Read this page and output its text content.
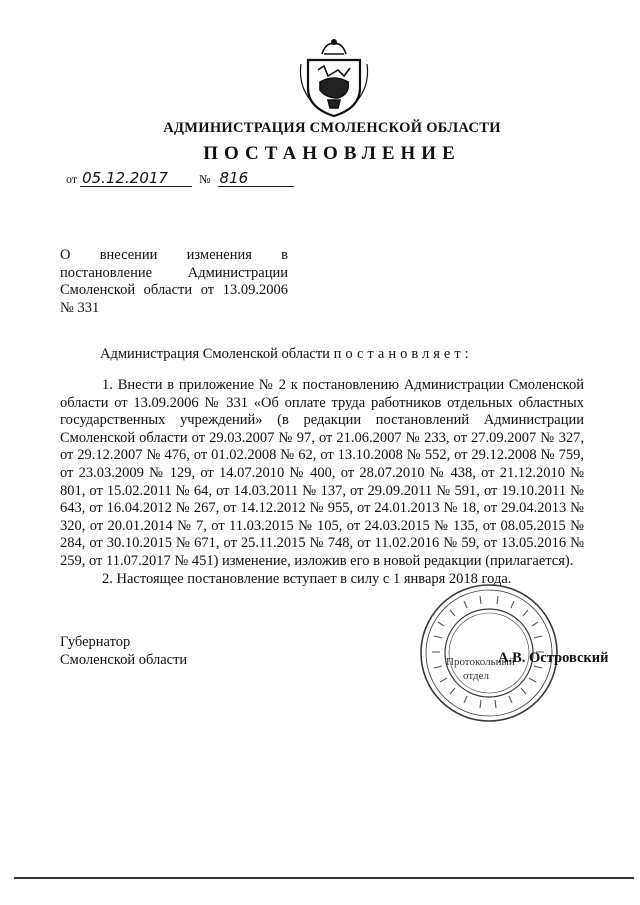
АДМИНИСТРАЦИЯ СМОЛЕНСКОЙ ОБЛАСТИ
ПОСТАНОВЛЕНИЕ
от 05.12.2017	№ 816
О внесении изменения в
постановление Администрации
Смоленской области от 13.09.2006
№ 331
Администрация Смоленской области постановляет:

1. Внести в приложение № 2 к постановлению Администрации Смоленской области от 13.09.2006 № 331 «Об оплате труда работников отдельных областных государственных учреждений» (в редакции постановлений Администрации Смоленской области от 29.03.2007 № 97, от 21.06.2007 № 233, от 27.09.2007 № 327, от 29.12.2007 № 476, от 01.02.2008 № 62, от 13.10.2008 № 552, от 29.12.2008 № 759, от 23.03.2009 № 129, от 14.07.2010 № 400, от 28.07.2010 № 438, от 21.12.2010 № 801, от 15.02.2011 № 64, от 14.03.2011 № 137, от 29.09.2011 № 591, от 19.10.2011 № 643, от 16.04.2012 № 267, от 14.12.2012 № 955, от 24.01.2013 № 18, от 29.04.2013 № 320, от 20.01.2014 № 7, от 11.03.2015 № 105, от 24.03.2015 № 135, от 08.05.2015 № 284, от 30.10.2015 № 671, от 25.11.2015 № 748, от 11.02.2016 № 59, от 13.05.2016 № 259, от 11.07.2017 № 451) изменение, изложив его в новой редакции (прилагается).

2. Настоящее постановление вступает в силу с 1 января 2018 года.

Губернатор
Смоленской области	Протокольный
отдел
А.В. Островский
